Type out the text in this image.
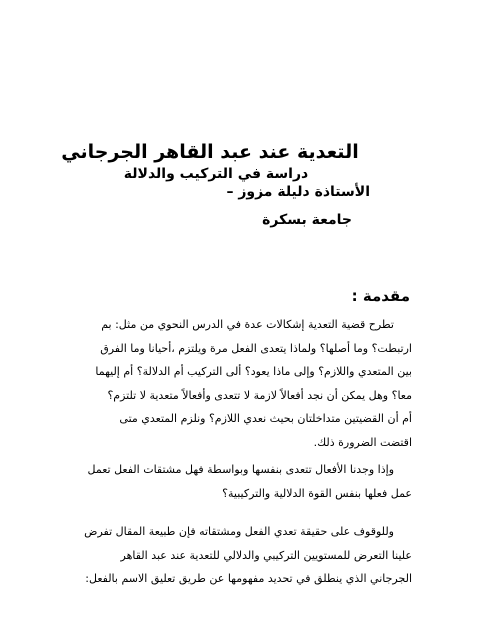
التعدية عند عبد القاهر الجرجاني
دراسة في التركيب والدلالة
الأستاذة دليلة مزوز –
جامعة بسكرة
مقدمة :
تطرح قضية التعدية إشكالات عدة في الدرس النحوي من مثل: بم
ارتبطت؟ وما أصلها؟ ولماذا يتعدى الفعل مرة ويلتزم ،أحيانا وما الفرق
بين المتعدي واللازم؟ وإلى ماذا يعود؟ ألى التركيب أم الدلالة؟ أم إليهما
معا؟ وهل يمكن أن نجد أفعالاً لازمة لا تتعدى وأفعالاً متعدية لا تلتزم؟
أم أن القضيتين متداخلتان بحيث نعدي اللازم؟ ونلزم المتعدي متى
اقتضت الضرورة ذلك.
وإذا وجدنا الأفعال تتعدى بنفسها وبواسطة فهل مشتقات الفعل تعمل
عمل فعلها بنفس القوة الدلالية والتركيبية؟
وللوقوف على حقيقة تعدي الفعل ومشتقاته فإن طبيعة المقال تفرض
علينا التعرض للمستويين التركيبي والدلالي للتعدية عند عبد القاهر
الجرجاني الذي ينطلق في تحديد مفهومها عن طريق تعليق الاسم بالفعل:
